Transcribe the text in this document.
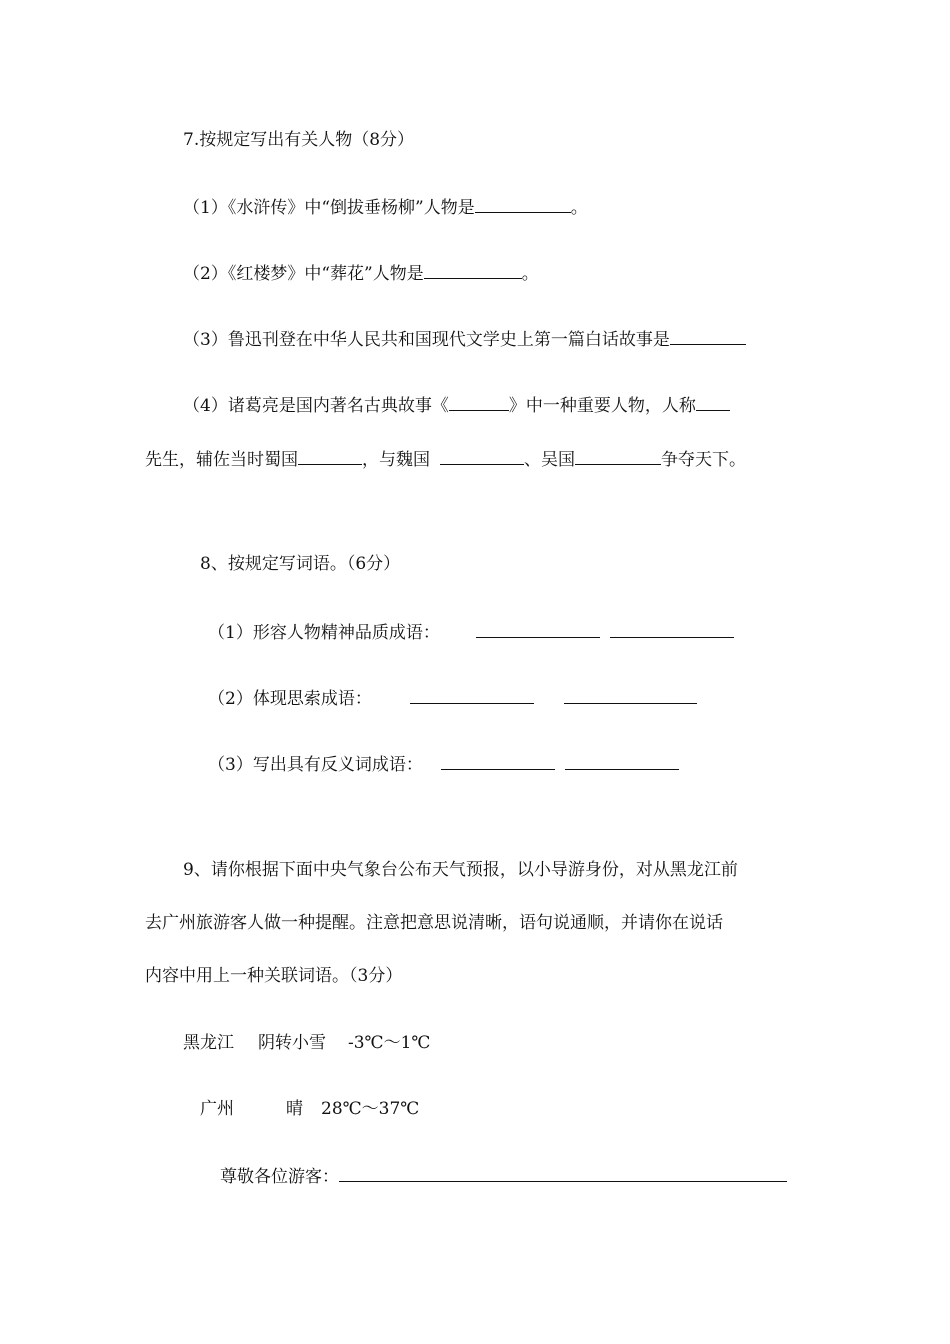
7.按规定写出有关人物（8分）
（1）《水浒传》中“倒拔垂杨柳”人物是	。
（2）《红楼梦》中“葬花”人物是	。
（3）鲁迅刊登在中华人民共和国现代文学史上第一篇白话故事是
（4）诸葛亮是国内著名古典故事《	》中一种重要人物，人称
先生，辅佐当时蜀国	，与魏国	、吴国	争夺天下。
8、按规定写词语。（6分）
（1）形容人物精神品质成语：
（2）体现思索成语：
（3）写出具有反义词成语：
9、请你根据下面中央气象台公布天气预报，以小导游身份，对从黑龙江前
去广州旅游客人做一种提醒。注意把意思说清晰，语句说通顺，并请你在说话
内容中用上一种关联词语。（3分）
黑龙江 阴转小雪 -3℃～1℃
广州	晴 28℃～37℃
尊敬各位游客：
